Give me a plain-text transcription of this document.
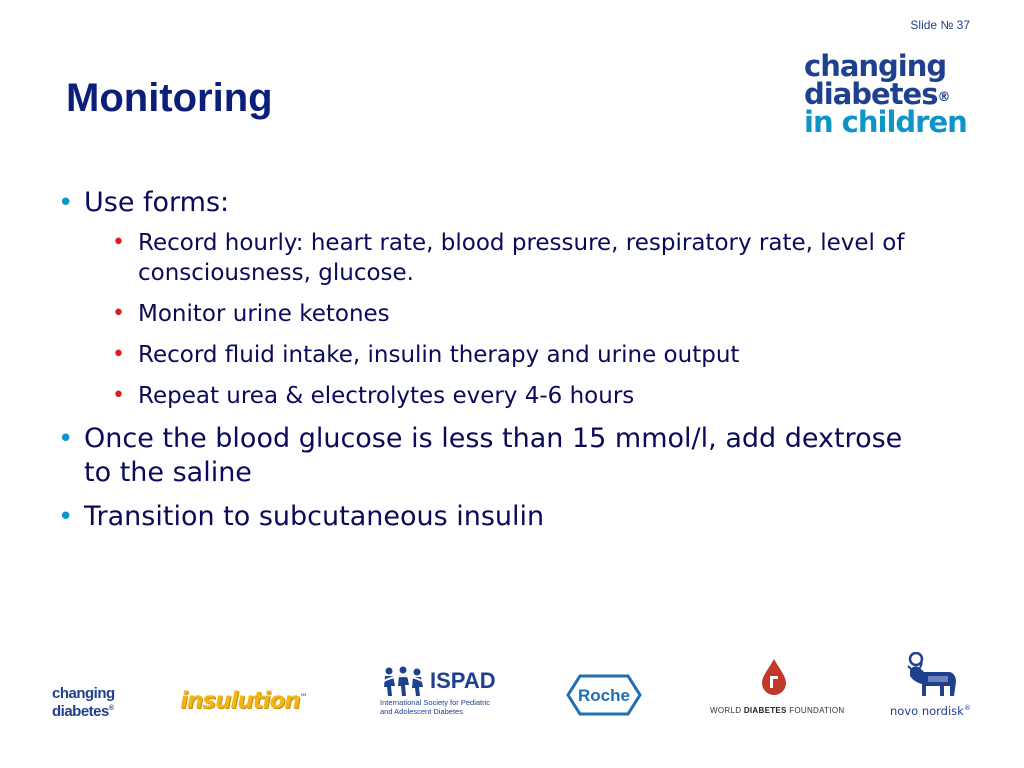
Slide № 37
Monitoring
changing
diabetes®
in children
• Use forms:
• Record hourly: heart rate, blood pressure, respiratory rate, level of consciousness, glucose.
• Monitor urine ketones
• Record fluid intake, insulin therapy and urine output
• Repeat urea & electrolytes every 4-6 hours
• Once the blood glucose is less than 15 mmol/l, add dextrose to the saline
• Transition to subcutaneous insulin
changing
diabetes®	insulution™
ISPAD
International Society for Pediatric
and Adolescent Diabetes
Roche
WORLD DIABETES FOUNDATION	novo nordisk®
